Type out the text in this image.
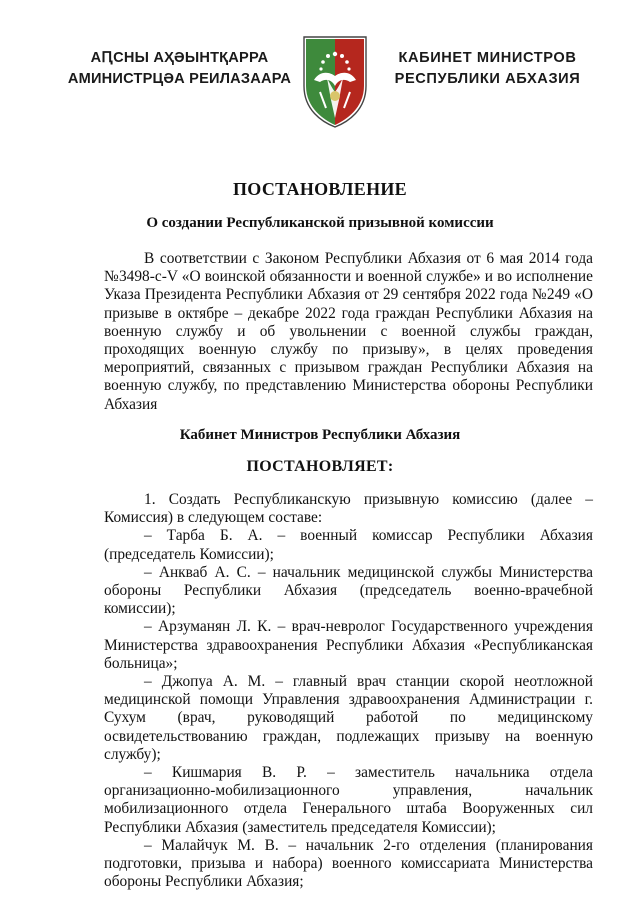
АԤСНЫ АҲӘЫНТҚАРРА
АМИНИСТРЦӘА РЕИЛАЗААРА
КАБИНЕТ МИНИСТРОВ
РЕСПУБЛИКИ АБХАЗИЯ
ПОСТАНОВЛЕНИЕ
О создании Республиканской призывной комиссии
В соответствии с Законом Республики Абхазия от 6 мая 2014 года №3498-с-V «О воинской обязанности и военной службе» и во исполнение Указа Президента Республики Абхазия от 29 сентября 2022 года №249 «О призыве в октябре – декабре 2022 года граждан Республики Абхазия на военную службу и об увольнении с военной службы граждан, проходящих военную службу по призыву», в целях проведения мероприятий, связанных с призывом граждан Республики Абхазия на военную службу, по представлению Министерства обороны Республики Абхазия
Кабинет Министров Республики Абхазия
ПОСТАНОВЛЯЕТ:

1. Создать Республиканскую призывную комиссию (далее – Комиссия) в следующем составе:

– Тарба Б. А. – военный комиссар Республики Абхазия (председатель Комиссии);

– Анкваб А. С. – начальник медицинской службы Министерства обороны Республики Абхазия (председатель военно-врачебной комиссии);

– Арзуманян Л. К. – врач-невролог Государственного учреждения Министерства здравоохранения Республики Абхазия «Республиканская больница»;

– Джопуа А. М. – главный врач станции скорой неотложной медицинской помощи Управления здравоохранения Администрации г. Сухум (врач, руководящий работой по медицинскому освидетельствованию граждан, подлежащих призыву на военную службу);

– Кишмария В. Р. – заместитель начальника отдела организационно-мобилизационного управления, начальник мобилизационного отдела Генерального штаба Вооруженных сил Республики Абхазия (заместитель председателя Комиссии);

– Малайчук М. В. – начальник 2-го отделения (планирования подготовки, призыва и набора) военного комиссариата Министерства обороны Республики Абхазия;
